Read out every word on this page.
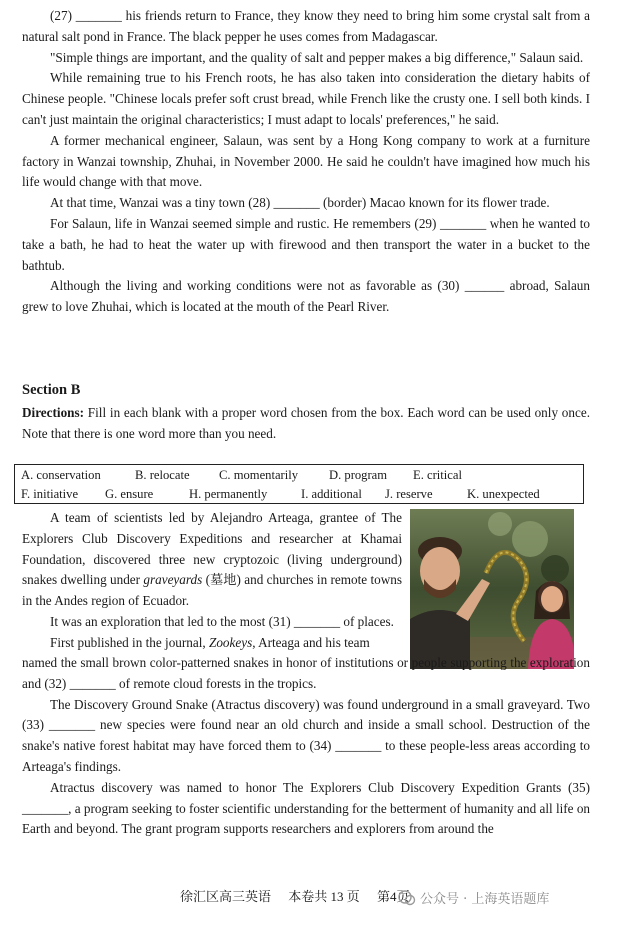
(27) _______ his friends return to France, they know they need to bring him some crystal salt from a natural salt pond in France. The black pepper he uses comes from Madagascar.

"Simple things are important, and the quality of salt and pepper makes a big difference," Salaun said.

While remaining true to his French roots, he has also taken into consideration the dietary habits of Chinese people. "Chinese locals prefer soft crust bread, while French like the crusty one. I sell both kinds. I can't just maintain the original characteristics; I must adapt to locals' preferences," he said.

A former mechanical engineer, Salaun, was sent by a Hong Kong company to work at a furniture factory in Wanzai township, Zhuhai, in November 2000. He said he couldn't have imagined how much his life would change with that move.

At that time, Wanzai was a tiny town (28) _______ (border) Macao known for its flower trade.

For Salaun, life in Wanzai seemed simple and rustic. He remembers (29) _______ when he wanted to take a bath, he had to heat the water up with firewood and then transport the water in a bucket to the bathtub.

Although the living and working conditions were not as favorable as (30) ______ abroad, Salaun grew to love Zhuhai, which is located at the mouth of the Pearl River.

Section B

Directions: Fill in each blank with a proper word chosen from the box. Each word can be used only once. Note that there is one word more than you need.

A. conservation	B. relocate C. momentarily D. program E. critical
F. initiative G. ensure	H. permanently	I. additional J. reserve	K. unexpected

A team of scientists led by Alejandro Arteaga, grantee of The Explorers Club Discovery Expeditions and researcher at Khamai Foundation, discovered three new cryptozoic (living underground) snakes dwelling under graveyards (墓地) and churches in remote towns in the Andes region of Ecuador.

It was an exploration that led to the most (31) _______ of places.

First published in the journal, Zookeys, Arteaga and his team

named the small brown color-patterned snakes in honor of institutions or people supporting the exploration and (32) _______ of remote cloud forests in the tropics.

The Discovery Ground Snake (Atractus discovery) was found underground in a small graveyard. Two (33) _______ new species were found near an old church and inside a small school. Destruction of the snake's native forest habitat may have forced them to (34) _______ to these people-less areas according to Arteaga's findings.

Atractus discovery was named to honor The Explorers Club Discovery Expedition Grants (35) _______, a program seeking to foster scientific understanding for the betterment of humanity and all life on Earth and beyond. The grant program supports researchers and explorers from around the

徐汇区高三英语 本卷共 13 页 第4页 公众号 · 上海英语题库
